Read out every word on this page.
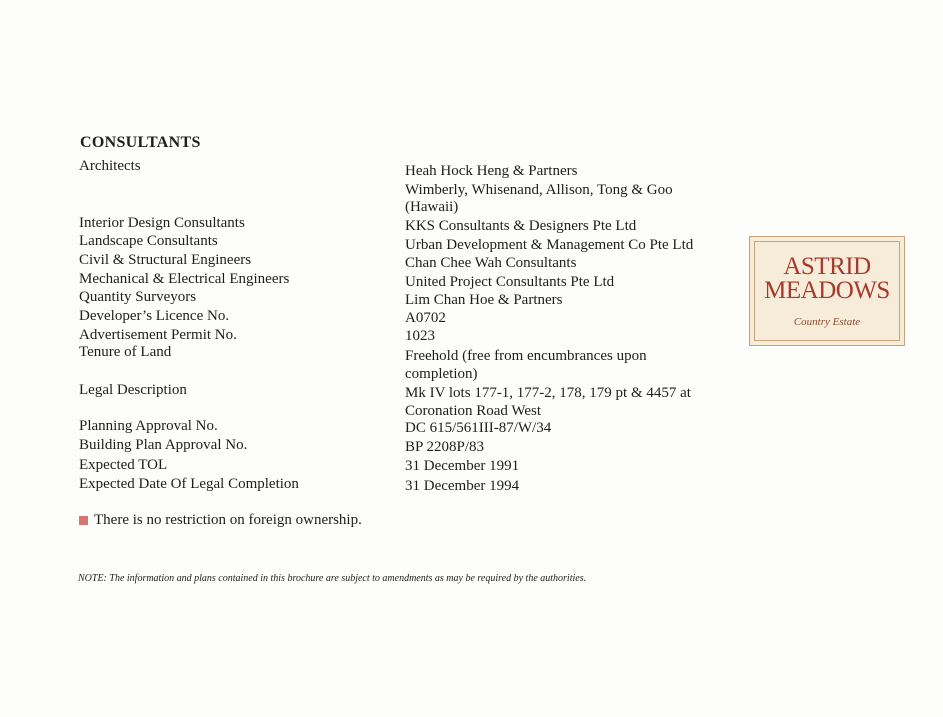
CONSULTANTS
Architects
Interior Design Consultants
Landscape Consultants
Civil & Structural Engineers
Mechanical & Electrical Engineers
Quantity Surveyors
Developer’s Licence No.
Advertisement Permit No.
Tenure of Land
Legal Description
Planning Approval No.
Building Plan Approval No.
Expected TOL
Expected Date Of Legal Completion
Heah Hock Heng & Partners
Wimberly, Whisenand, Allison, Tong & Goo
(Hawaii)
KKS Consultants & Designers Pte Ltd
Urban Development & Management Co Pte Ltd
Chan Chee Wah Consultants
United Project Consultants Pte Ltd
Lim Chan Hoe & Partners
A0702
1023
Freehold (free from encumbrances upon
completion)
Mk IV lots 177-1, 177-2, 178, 179 pt & 4457 at
Coronation Road West
DC 615/561III-87/W/34
BP 2208P/83
31 December 1991
31 December 1994
There is no restriction on foreign ownership.
NOTE: The information and plans contained in this brochure are subject to amendments as may be required by the authorities.
ASTRID
MEADOWS
Country Estate
